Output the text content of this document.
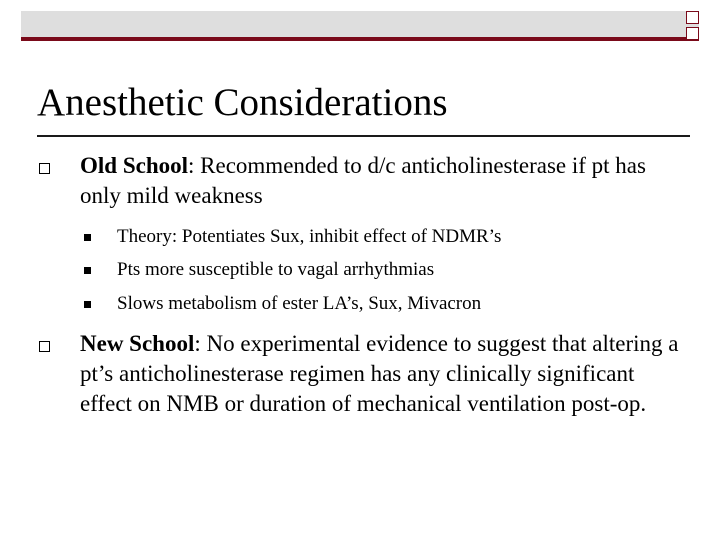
Anesthetic Considerations
Old School: Recommended to d/c anticholinesterase if pt has only mild weakness
Theory: Potentiates Sux, inhibit effect of NDMR’s
Pts more susceptible to vagal arrhythmias
Slows metabolism of ester LA’s, Sux, Mivacron
New School: No experimental evidence to suggest that altering a pt’s anticholinesterase regimen has any clinically significant effect on NMB or duration of mechanical ventilation post-op.
